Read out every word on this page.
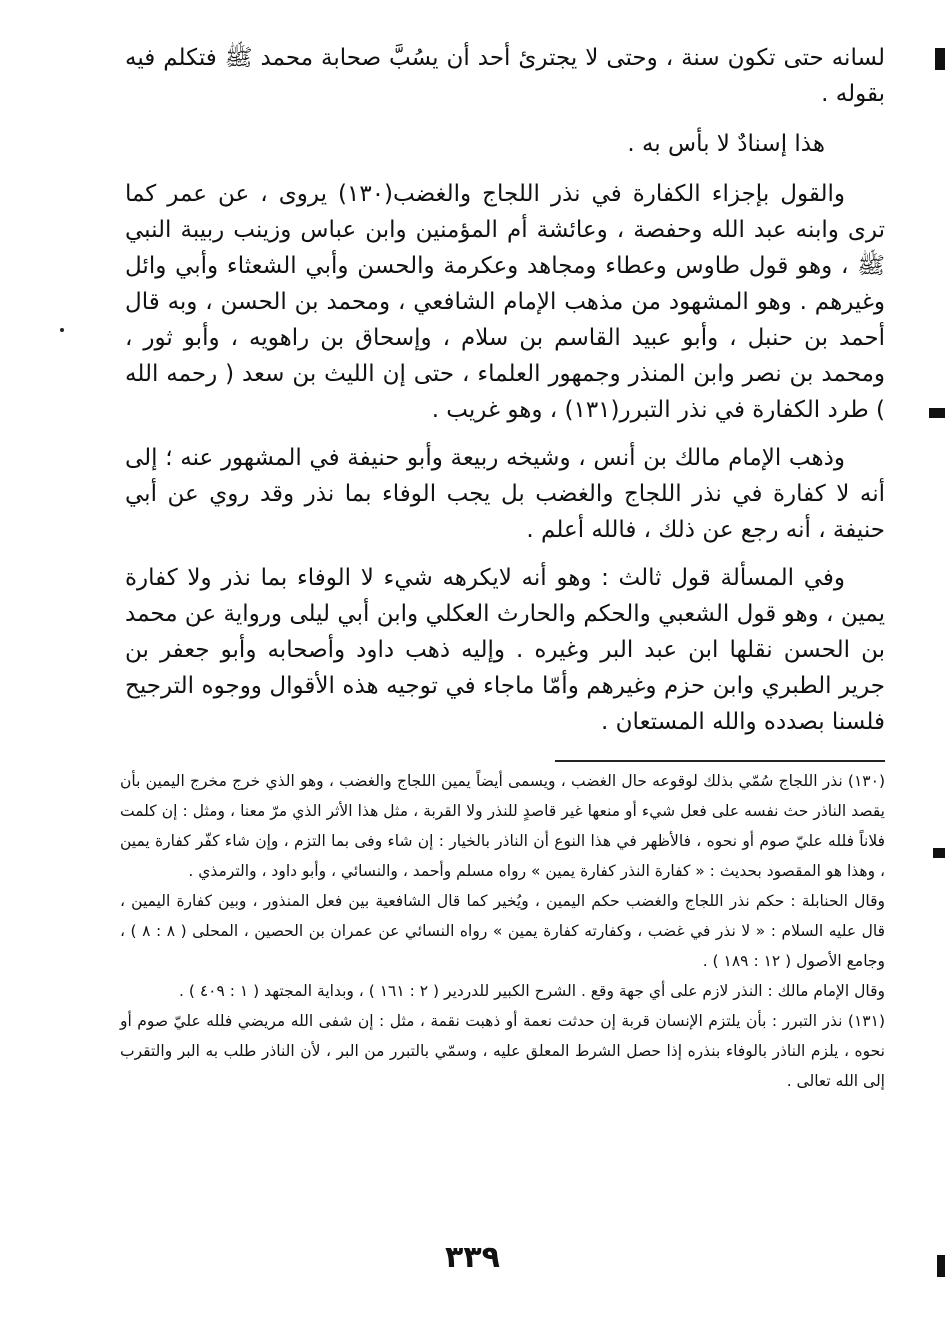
لسانه حتى تكون سنة ، وحتى لا يجترئ أحد أن يسُبَّ صحابة محمد ﷺ فتكلم فيه بقوله .

هذا إسنادٌ لا بأس به .

والقول بإجزاء الكفارة في نذر اللجاج والغضب(١٣٠) يروى ، عن عمر كما ترى وابنه عبد الله وحفصة ، وعائشة أم المؤمنين وابن عباس وزينب ربيبة النبي ﷺ ، وهو قول طاوس وعطاء ومجاهد وعكرمة والحسن وأبي الشعثاء وأبي وائل وغيرهم . وهو المشهود من مذهب الإمام الشافعي ، ومحمد بن الحسن ، وبه قال أحمد بن حنبل ، وأبو عبيد القاسم بن سلام ، وإسحاق بن راهويه ، وأبو ثور ، ومحمد بن نصر وابن المنذر وجمهور العلماء ، حتى إن الليث بن سعد ( رحمه الله ) طرد الكفارة في نذر التبرر(١٣١) ، وهو غريب .

وذهب الإمام مالك بن أنس ، وشيخه ربيعة وأبو حنيفة في المشهور عنه ؛ إلى أنه لا كفارة في نذر اللجاج والغضب بل يجب الوفاء بما نذر وقد روي عن أبي حنيفة ، أنه رجع عن ذلك ، فالله أعلم .

وفي المسألة قول ثالث : وهو أنه لايكرهه شيء لا الوفاء بما نذر ولا كفارة يمين ، وهو قول الشعبي والحكم والحارث العكلي وابن أبي ليلى ورواية عن محمد بن الحسن نقلها ابن عبد البر وغيره . وإليه ذهب داود وأصحابه وأبو جعفر بن جرير الطبري وابن حزم وغيرهم وأمّا ماجاء في توجيه هذه الأقوال ووجوه الترجيح فلسنا بصدده والله المستعان .

(١٣٠) نذر اللجاج سُمّي بذلك لوقوعه حال الغضب ، ويسمى أيضاً يمين اللجاج والغضب ، وهو الذي خرج مخرج اليمين بأن يقصد الناذر حث نفسه على فعل شيء أو منعها غير قاصدٍ للنذر ولا القربة ، مثل هذا الأثر الذي مرّ معنا ، ومثل : إن كلمت فلاناً فلله عليّ صوم أو نحوه ، فالأظهر في هذا النوع أن الناذر بالخيار : إن شاء وفى بما التزم ، وإن شاء كفّر كفارة يمين ، وهذا هو المقصود بحديث : « كفارة النذر كفارة يمين » رواه مسلم وأحمد ، والنسائي ، وأبو داود ، والترمذي .

وقال الحنابلة : حكم نذر اللجاج والغضب حكم اليمين ، ويُخير كما قال الشافعية بين فعل المنذور ، وبين كفارة اليمين ، قال عليه السلام : « لا نذر في غضب ، وكفارته كفارة يمين » رواه النسائي عن عمران بن الحصين ، المحلى ( ٨ : ٨ ) ، وجامع الأصول ( ١٢ : ١٨٩ ) .

وقال الإمام مالك : النذر لازم على أي جهة وقع . الشرح الكبير للدردير ( ٢ : ١٦١ ) ، وبداية المجتهد ( ١ : ٤٠٩ ) .

(١٣١) نذر التبرر : بأن يلتزم الإنسان قربة إن حدثت نعمة أو ذهبت نقمة ، مثل : إن شفى الله مريضي فلله عليّ صوم أو نحوه ، يلزم الناذر بالوفاء بنذره إذا حصل الشرط المعلق عليه ، وسمّي بالتبرر من البر ، لأن الناذر طلب به البر والتقرب إلى الله تعالى .

٣٣٩
